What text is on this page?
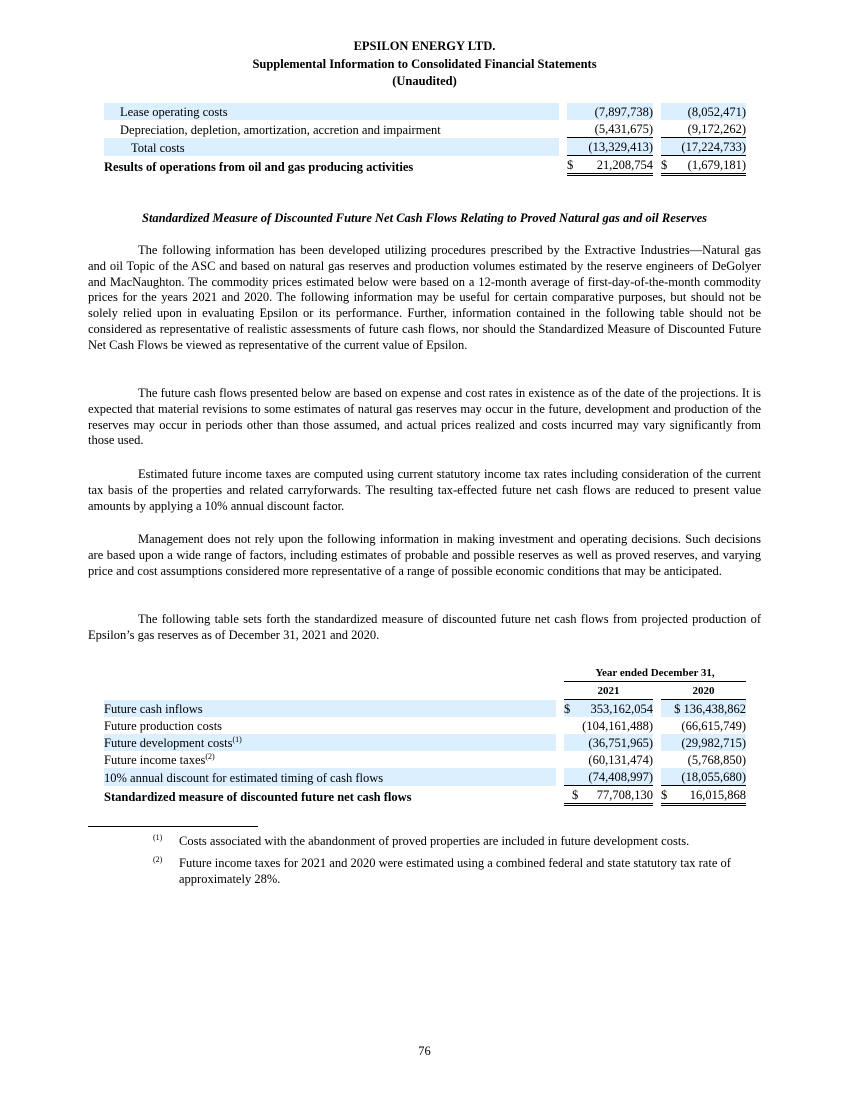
EPSILON ENERGY LTD.
Supplemental Information to Consolidated Financial Statements
(Unaudited)
Lease operating costs		(7,897,738)		(8,052,471)
Depreciation, depletion, amortization, accretion and impairment		(5,431,675)		(9,172,262)
Total costs		(13,329,413)		(17,224,733)
Results of operations from oil and gas producing activities		$ 21,208,754		$ (1,679,181)
Standardized Measure of Discounted Future Net Cash Flows Relating to Proved Natural gas and oil Reserves

The following information has been developed utilizing procedures prescribed by the Extractive Industries—Natural gas and oil Topic of the ASC and based on natural gas reserves and production volumes estimated by the reserve engineers of DeGolyer and MacNaughton. The commodity prices estimated below were based on a 12-month average of first-day-of-the-month commodity prices for the years 2021 and 2020. The following information may be useful for certain comparative purposes, but should not be solely relied upon in evaluating Epsilon or its performance. Further, information contained in the following table should not be considered as representative of realistic assessments of future cash flows, nor should the Standardized Measure of Discounted Future Net Cash Flows be viewed as representative of the current value of Epsilon.

The future cash flows presented below are based on expense and cost rates in existence as of the date of the projections. It is expected that material revisions to some estimates of natural gas reserves may occur in the future, development and production of the reserves may occur in periods other than those assumed, and actual prices realized and costs incurred may vary significantly from those used.

Estimated future income taxes are computed using current statutory income tax rates including consideration of the current tax basis of the properties and related carryforwards. The resulting tax-effected future net cash flows are reduced to present value amounts by applying a 10% annual discount factor.

Management does not rely upon the following information in making investment and operating decisions. Such decisions are based upon a wide range of factors, including estimates of probable and possible reserves as well as proved reserves, and varying price and cost assumptions considered more representative of a range of possible economic conditions that may be anticipated.

The following table sets forth the standardized measure of discounted future net cash flows from projected production of Epsilon’s gas reserves as of December 31, 2021 and 2020.

		Year ended December 31,		
		2021		2020
Future cash inflows		$ 353,162,054		$ 136,438,862
Future production costs		(104,161,488)		(66,615,749)
Future development costs$^{(1)}$		(36,751,965)		(29,982,715)
Future income taxes$^{(2)}$		(60,131,474)		(5,768,850)
10% annual discount for estimated timing of cash flows		(74,408,997)		(18,055,680)
Standardized measure of discounted future net cash flows		$ 77,708,130		$ 16,015,868

(1) Costs associated with the abandonment of proved properties are included in future development costs.

(2) Future income taxes for 2021 and 2020 were estimated using a combined federal and state statutory tax rate of approximately 28%.

76
